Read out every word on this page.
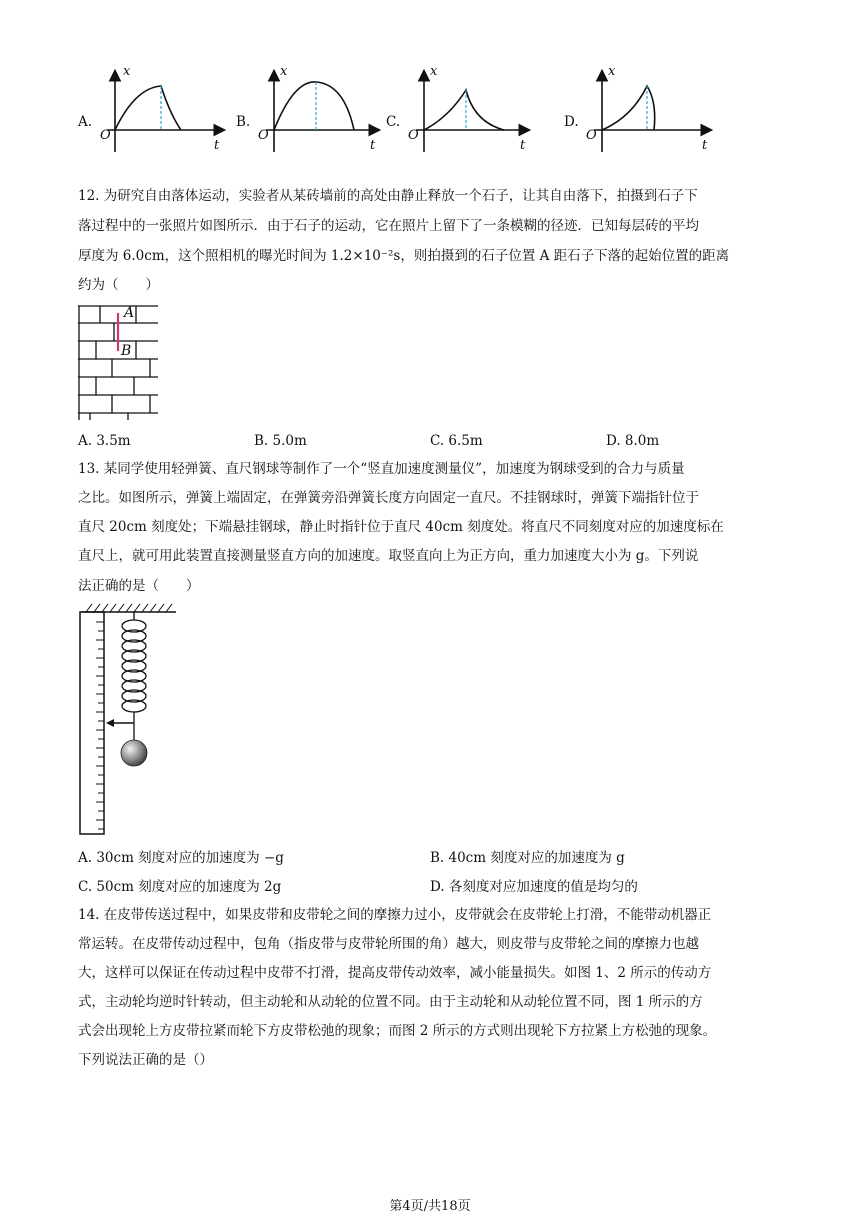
A.
x
t
O
B.
x
t
O
C.
x
t
O
D.
x
t
O
12. 为研究自由落体运动，实验者从某砖墙前的高处由静止释放一个石子，让其自由落下，拍摄到石子下
落过程中的一张照片如图所示．由于石子的运动，它在照片上留下了一条模糊的径迹．已知每层砖的平均
厚度为 6.0cm，这个照相机的曝光时间为 1.2×10⁻²s，则拍摄到的石子位置 A 距石子下落的起始位置的距离
约为（　　）
A
B
A. 3.5m	B. 5.0m	C. 6.5m	D. 8.0m
13. 某同学使用轻弹簧、直尺钢球等制作了一个“竖直加速度测量仪”，加速度为钢球受到的合力与质量
之比。如图所示，弹簧上端固定，在弹簧旁沿弹簧长度方向固定一直尺。不挂钢球时，弹簧下端指针位于
直尺 20cm 刻度处；下端悬挂钢球，静止时指针位于直尺 40cm 刻度处。将直尺不同刻度对应的加速度标在
直尺上，就可用此装置直接测量竖直方向的加速度。取竖直向上为正方向，重力加速度大小为 g。下列说
法正确的是（　　）
A. 30cm 刻度对应的加速度为 −g	B. 40cm 刻度对应的加速度为 g
C. 50cm 刻度对应的加速度为 2g	D. 各刻度对应加速度的值是均匀的
14. 在皮带传送过程中，如果皮带和皮带轮之间的摩擦力过小，皮带就会在皮带轮上打滑，不能带动机器正
常运转。在皮带传动过程中，包角（指皮带与皮带轮所围的角）越大，则皮带与皮带轮之间的摩擦力也越
大，这样可以保证在传动过程中皮带不打滑，提高皮带传动效率，减小能量损失。如图 1、2 所示的传动方
式，主动轮均逆时针转动，但主动轮和从动轮的位置不同。由于主动轮和从动轮位置不同，图 1 所示的方
式会出现轮上方皮带拉紧而轮下方皮带松弛的现象；而图 2 所示的方式则出现轮下方拉紧上方松弛的现象。
下列说法正确的是（）
第4页/共18页
